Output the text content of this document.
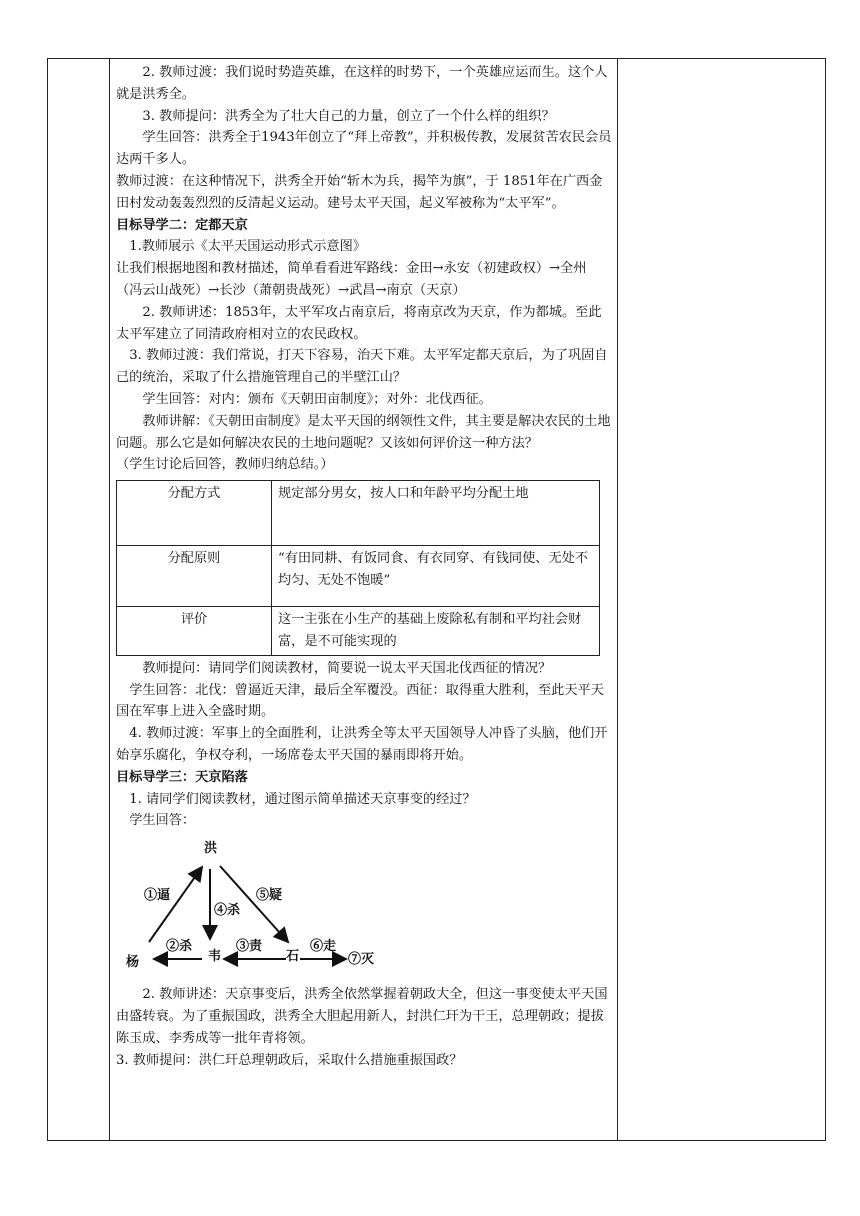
2. 教师过渡：我们说时势造英雄，在这样的时势下，一个英雄应运而生。这个人就是洪秀全。

3. 教师提问：洪秀全为了壮大自己的力量，创立了一个什么样的组织？

学生回答：洪秀全于1943年创立了“拜上帝教”，并积极传教，发展贫苦农民会员达两千多人。

教师过渡：在这种情况下，洪秀全开始“斩木为兵，揭竿为旗”，于 1851年在广西金田村发动轰轰烈烈的反清起义运动。建号太平天国，起义军被称为“太平军”。

目标导学二：定都天京

1.教师展示《太平天国运动形式示意图》

让我们根据地图和教材描述，简单看看进军路线：金田→永安（初建政权）→全州（冯云山战死）→长沙（萧朝贵战死）→武昌→南京（天京）

2. 教师讲述：1853年，太平军攻占南京后，将南京改为天京，作为都城。至此太平军建立了同清政府相对立的农民政权。

3. 教师过渡：我们常说，打天下容易，治天下难。太平军定都天京后，为了巩固自己的统治，采取了什么措施管理自己的半壁江山？

学生回答：对内：颁布《天朝田亩制度》；对外：北伐西征。

教师讲解：《天朝田亩制度》是太平天国的纲领性文件，其主要是解决农民的土地问题。那么它是如何解决农民的土地问题呢？又该如何评价这一种方法？

（学生讨论后回答，教师归纳总结。）

分配方式	规定部分男女，按人口和年龄平均分配土地
分配原则	“有田同耕、有饭同食、有衣同穿、有钱同使、无处不均匀、无处不饱暖”
评价	这一主张在小生产的基础上废除私有制和平均社会财富，是不可能实现的

教师提问：请同学们阅读教材，简要说一说太平天国北伐西征的情况？

学生回答：北伐：曾逼近天津，最后全军覆没。西征：取得重大胜利，至此天平天国在军事上进入全盛时期。

4. 教师过渡：军事上的全面胜利，让洪秀全等太平天国领导人冲昏了头脑，他们开始享乐腐化，争权夺利，一场席卷太平天国的暴雨即将开始。

目标导学三：天京陷落

1. 请同学们阅读教材，通过图示简单描述天京事变的经过？

学生回答：

洪
杨	韦	石
①逼
②杀	③责
④杀
⑤疑
⑥走
⑦灭

2. 教师讲述：天京事变后，洪秀全依然掌握着朝政大全，但这一事变使太平天国由盛转衰。为了重振国政，洪秀全大胆起用新人，封洪仁玕为干王，总理朝政；提拔陈玉成、李秀成等一批年青将领。

3. 教师提问：洪仁玕总理朝政后，采取什么措施重振国政？
